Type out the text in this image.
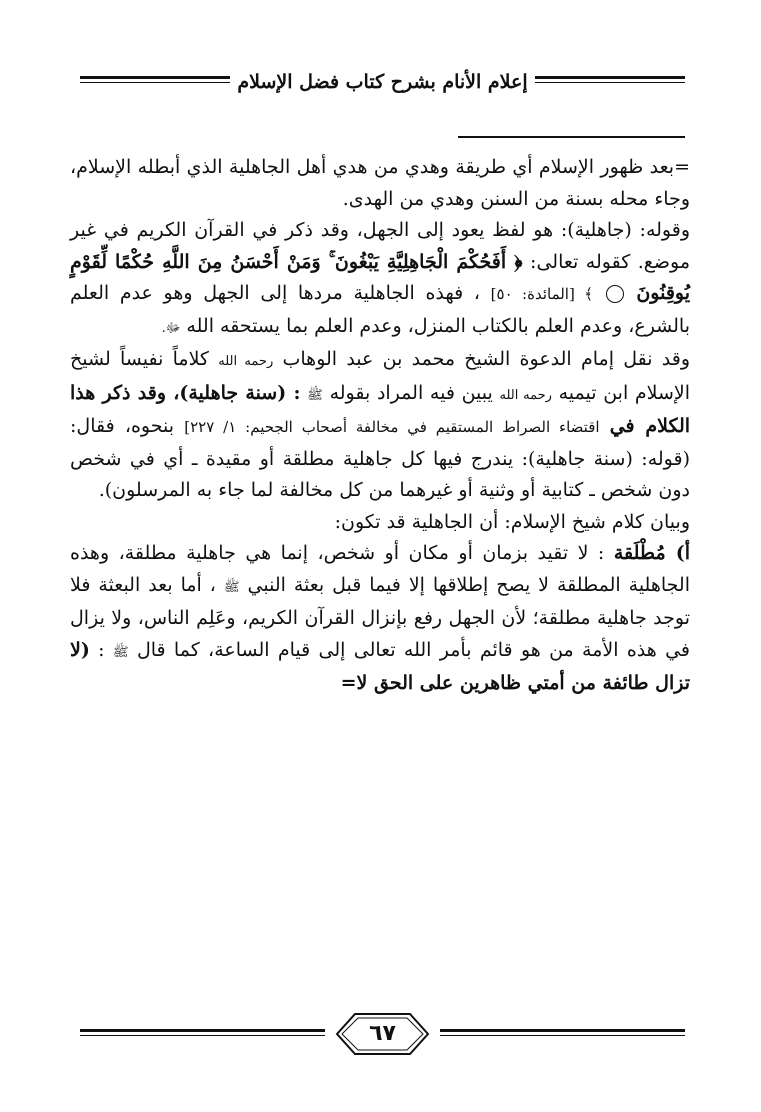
إعلام الأنام بشرح كتاب فضل الإسلام

=بعد ظهور الإسلام أي طريقة وهدي من هدي أهل الجاهلية الذي أبطله الإسلام، وجاء محله بسنة من السنن وهدي من الهدى.

وقوله: (جاهلية): هو لفظ يعود إلى الجهل، وقد ذكر في القرآن الكريم في غير موضع. كقوله تعالى: ﴿ أَفَحُكْمَ الْجَاهِلِيَّةِ يَبْغُونَ ۚ وَمَنْ أَحْسَنُ مِنَ اللَّهِ حُكْمًا لِّقَوْمٍ يُوقِنُونَ  ﴾ [المائدة: ٥٠] ، فهذه الجاهلية مردها إلى الجهل وهو عدم العلم بالشرع، وعدم العلم بالكتاب المنزل، وعدم العلم بما يستحقه الله ﷻ.

وقد نقل إمام الدعوة الشيخ محمد بن عبد الوهاب رحمه الله كلاماً نفيساً لشيخ الإسلام ابن تيميه رحمه الله يبين فيه المراد بقوله ﷺ : (سنة جاهلية)، وقد ذكر هذا الكلام في اقتضاء الصراط المستقيم في مخالفة أصحاب الجحيم: ١/ ٢٢٧] بنحوه، فقال: (قوله: (سنة جاهلية): يندرج فيها كل جاهلية مطلقة أو مقيدة ـ أي في شخص دون شخص ـ كتابية أو وثنية أو غيرهما من كل مخالفة لما جاء به المرسلون).

وبيان كلام شيخ الإسلام: أن الجاهلية قد تكون:

أ) مُطْلَقة : لا تقيد بزمان أو مكان أو شخص، إنما هي جاهلية مطلقة، وهذه الجاهلية المطلقة لا يصح إطلاقها إلا فيما قبل بعثة النبي ﷺ ، أما بعد البعثة فلا توجد جاهلية مطلقة؛ لأن الجهل رفع بإنزال القرآن الكريم، وعَلِم الناس، ولا يزال في هذه الأمة من هو قائم بأمر الله تعالى إلى قيام الساعة، كما قال ﷺ : (لا تزال طائفة من أمتي ظاهرين على الحق لا=

٦٧
